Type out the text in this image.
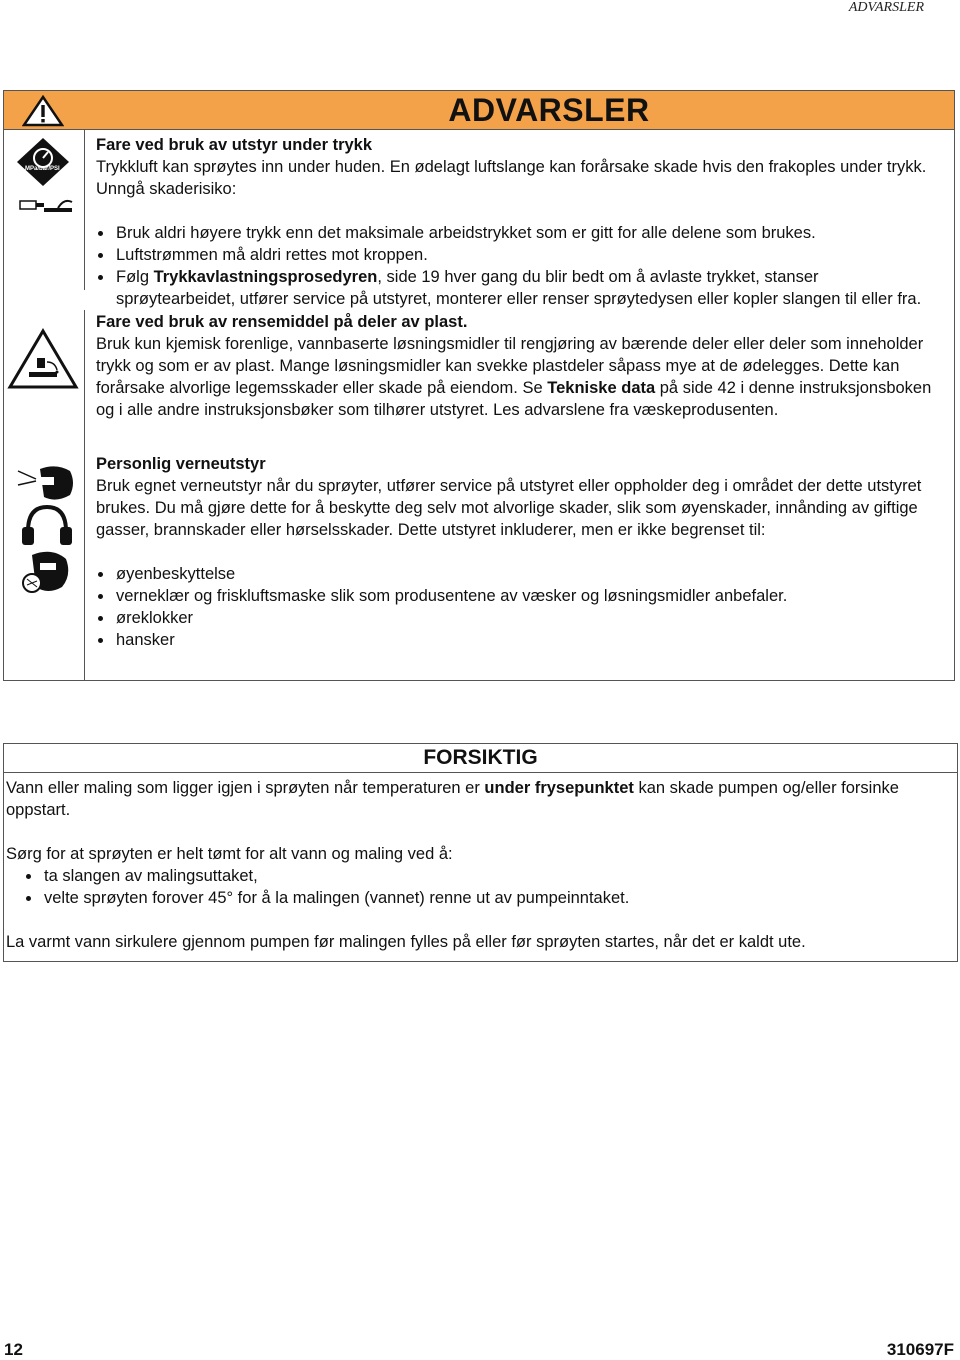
ADVARSLER
ADVARSLER
MPa/bar/PSI

Fare ved bruk av utstyr under trykk

Trykkluft kan sprøytes inn under huden. En ødelagt luftslange kan forårsake skade hvis den frakoples under trykk. Unngå skaderisiko:

Bruk aldri høyere trykk enn det maksimale arbeidstrykket som er gitt for alle delene som brukes.
Luftstrømmen må aldri rettes mot kroppen.
Følg Trykkavlastningsprosedyren, side 19 hver gang du blir bedt om å avlaste trykket, stanser sprøytearbeidet, utfører service på utstyret, monterer eller renser sprøytedysen eller kopler slangen til eller fra.

Fare ved bruk av rensemiddel på deler av plast.

Bruk kun kjemisk forenlige, vannbaserte løsningsmidler til rengjøring av bærende deler eller deler som inneholder trykk og som er av plast. Mange løsningsmidler kan svekke plastdeler såpass mye at de ødelegges. Dette kan forårsake alvorlige legemsskader eller skade på eiendom. Se Tekniske data på side 42 i denne instruksjonsboken og i alle andre instruksjonsbøker som tilhører utstyret. Les advarslene fra væskeprodusenten.

Personlig verneutstyr

Bruk egnet verneutstyr når du sprøyter, utfører service på utstyret eller oppholder deg i området der dette utstyret brukes. Du må gjøre dette for å beskytte deg selv mot alvorlige skader, slik som øyenskader, innånding av giftige gasser, brannskader eller hørselsskader. Dette utstyret inkluderer, men er ikke begrenset til:

øyenbeskyttelse
verneklær og friskluftsmaske slik som produsentene av væsker og løsningsmidler anbefaler.
øreklokker
hansker
FORSIKTIG

Vann eller maling som ligger igjen i sprøyten når temperaturen er under frysepunktet kan skade pumpen og/eller forsinke oppstart.

Sørg for at sprøyten er helt tømt for alt vann og maling ved å:

ta slangen av malingsuttaket,
velte sprøyten forover 45° for å la malingen (vannet) renne ut av pumpeinntaket.

La varmt vann sirkulere gjennom pumpen før malingen fylles på eller før sprøyten startes, når det er kaldt ute.

12	310697F
